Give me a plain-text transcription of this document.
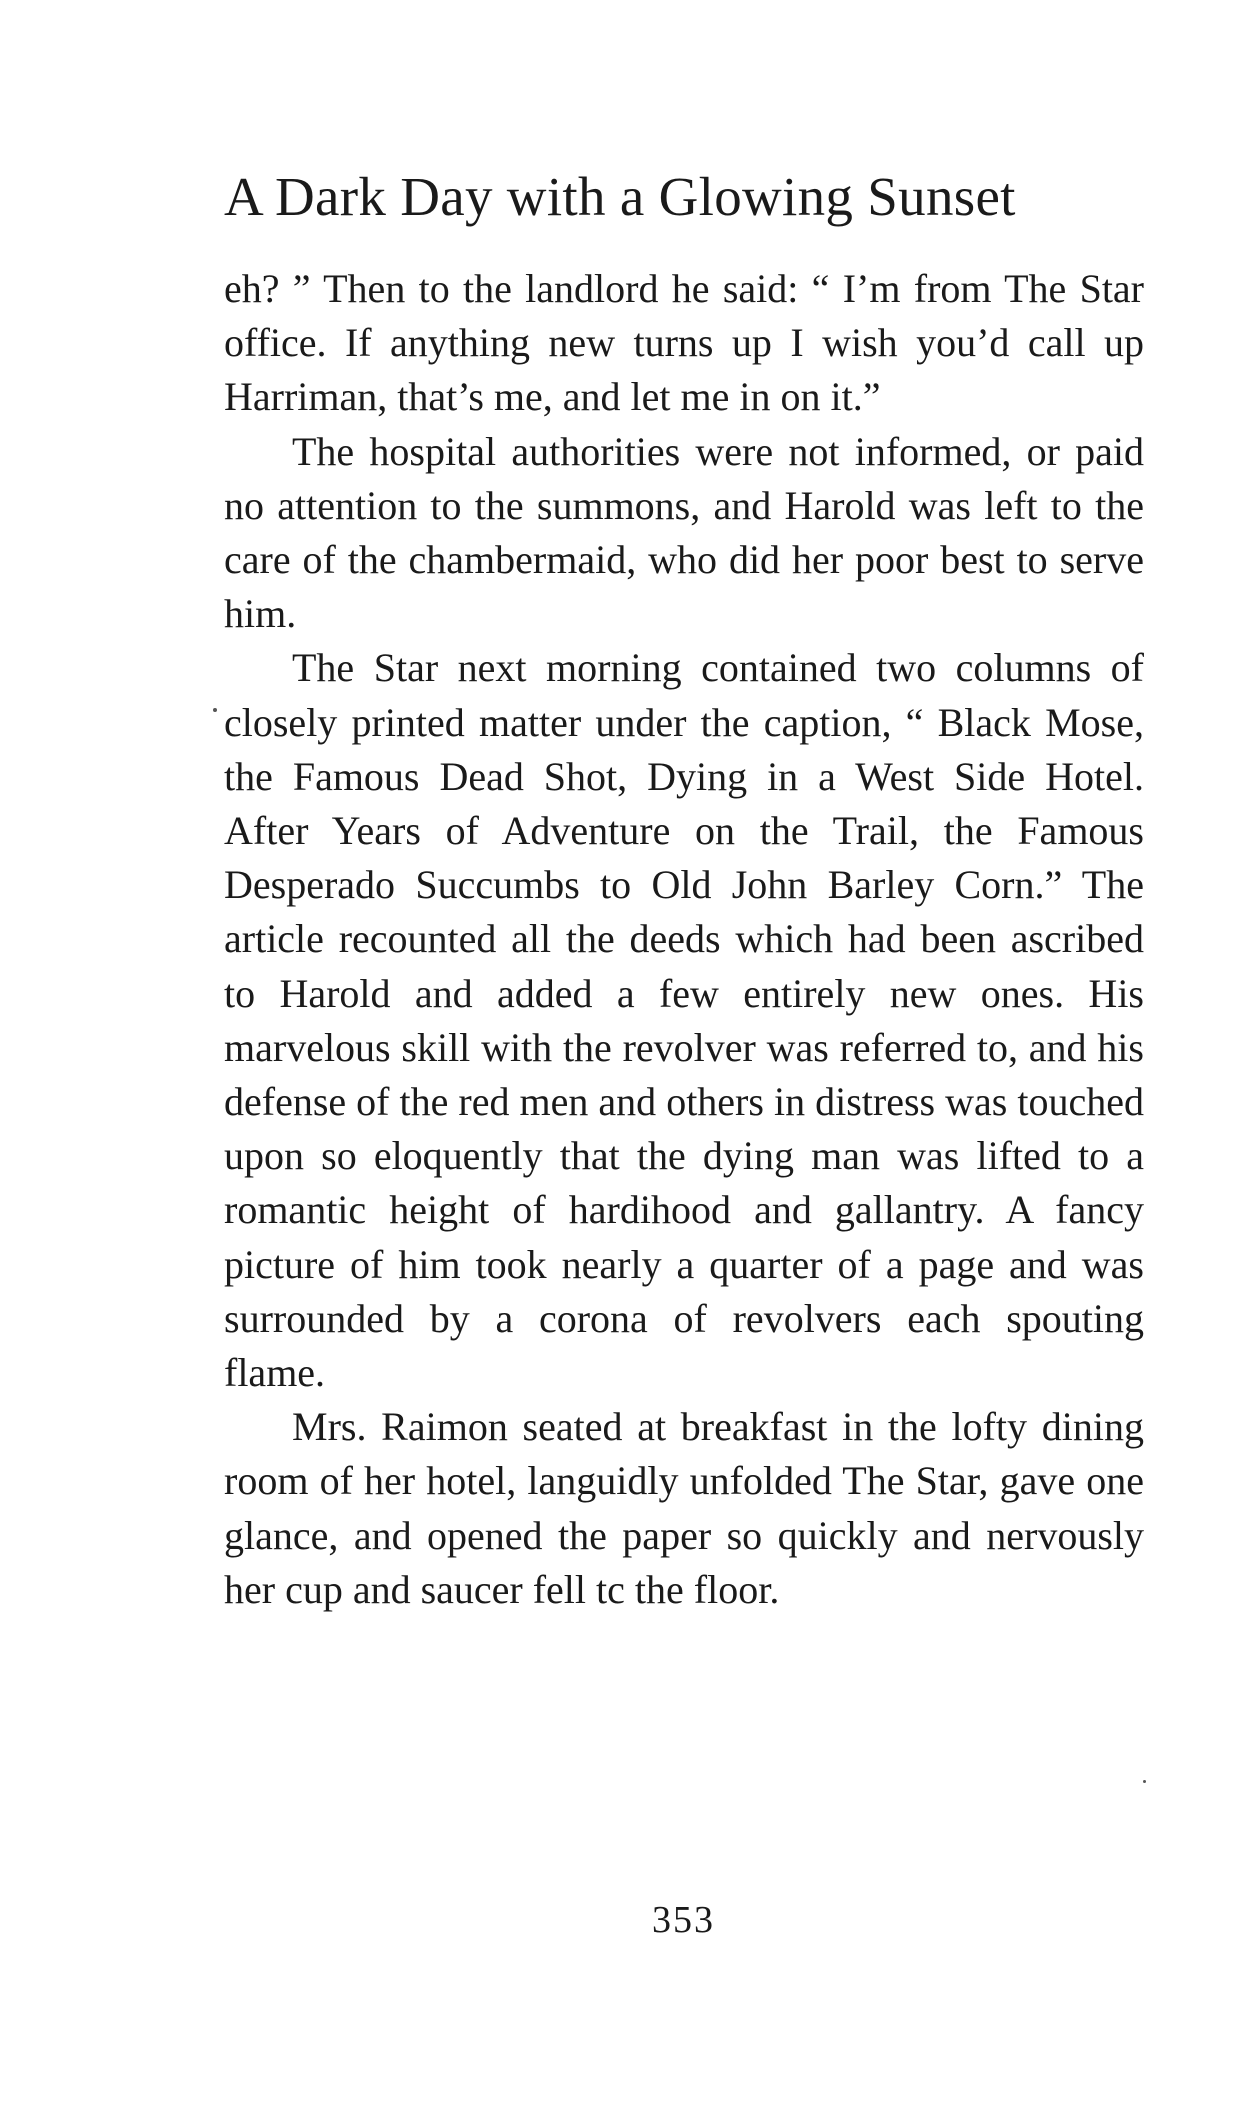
A Dark Day with a Glowing Sunset

eh? ” Then to the landlord he said: “ I’m from The Star office. If anything new turns up I wish you’d call up Harriman, that’s me, and let me in on it.”

The hospital authorities were not informed, or paid no attention to the summons, and Harold was left to the care of the chambermaid, who did her poor best to serve him.

The Star next morning contained two columns of closely printed matter under the caption, “ Black Mose, the Famous Dead Shot, Dying in a West Side Hotel. After Years of Adventure on the Trail, the Famous Desperado Succumbs to Old John Barley Corn.” The article recounted all the deeds which had been ascribed to Harold and added a few entirely new ones. His marvelous skill with the revolver was referred to, and his defense of the red men and others in distress was touched upon so eloquently that the dying man was lifted to a romantic height of hardihood and gallantry. A fancy picture of him took nearly a quarter of a page and was surrounded by a corona of revolvers each spouting flame.

Mrs. Raimon seated at breakfast in the lofty dining room of her hotel, languidly unfolded The Star, gave one glance, and opened the paper so quickly and nervously her cup and saucer fell tc the floor.

353
